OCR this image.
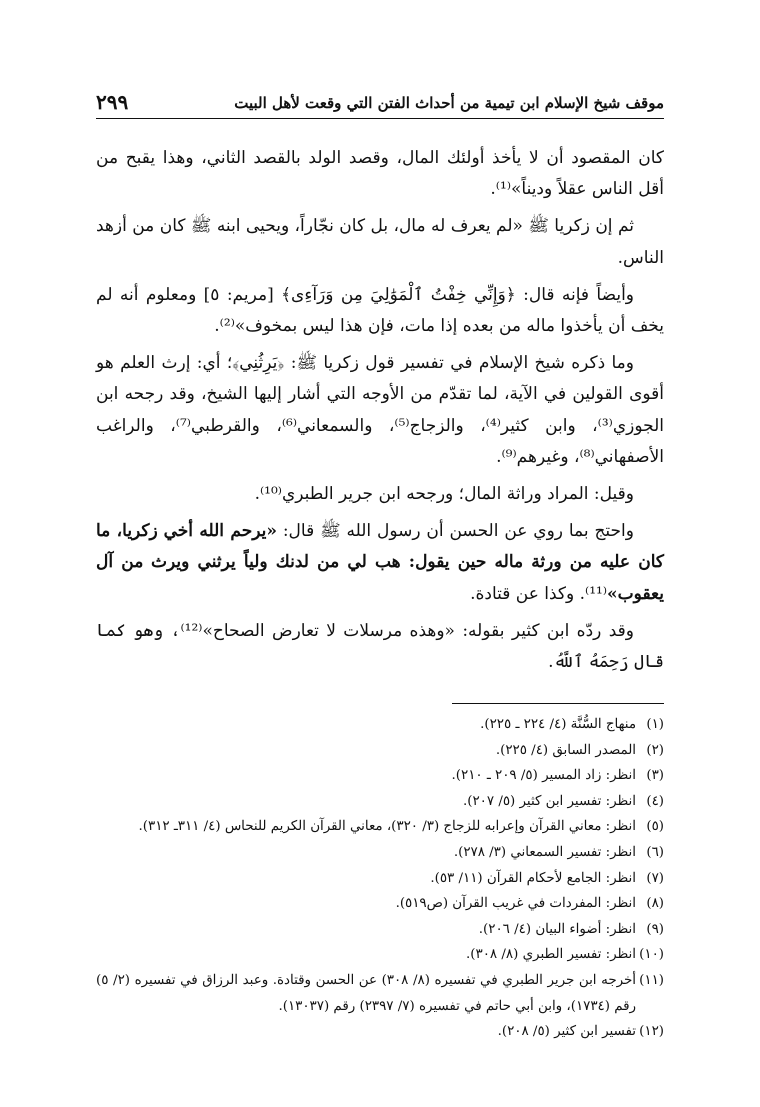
موقف شيخ الإسلام ابن تيمية من أحداث الفتن التي وقعت لأهل البيت
٢٩٩

كان المقصود أن لا يأخذ أولئك المال، وقصد الولد بالقصد الثاني، وهذا يقبح من أقل الناس عقلاً وديناً»⁽¹⁾.

ثم إن زكريا ﷺ «لم يعرف له مال، بل كان نجّاراً، ويحيى ابنه ﷺ كان من أزهد الناس.

وأيضاً فإنه قال: ﴿وَإِنِّي خِفْتُ ٱلْمَوَٰلِيَ مِن وَرَآءِى﴾ [مريم: ٥] ومعلوم أنه لم يخف أن يأخذوا ماله من بعده إذا مات، فإن هذا ليس بمخوف»⁽²⁾.

وما ذكره شيخ الإسلام في تفسير قول زكريا ﷺ: ﴿يَرِثُنِي﴾؛ أي: إرث العلم هو أقوى القولين في الآية، لما تقدّم من الأوجه التي أشار إليها الشيخ، وقد رجحه ابن الجوزي⁽³⁾، وابن كثير⁽⁴⁾، والزجاج⁽⁵⁾، والسمعاني⁽⁶⁾، والقرطبي⁽⁷⁾، والراغب الأصفهاني⁽⁸⁾، وغيرهم⁽⁹⁾.

وقيل: المراد وراثة المال؛ ورجحه ابن جرير الطبري⁽¹⁰⁾.

واحتج بما روي عن الحسن أن رسول الله ﷺ قال: «يرحم الله أخي زكريا، ما كان عليه من ورثة ماله حين يقول: هب لي من لدنك ولياً يرثني ويرث من آل يعقوب»⁽¹¹⁾. وكذا عن قتادة.

وقد ردّه ابن كثير بقوله: «وهذه مرسلات لا تعارض الصحاح»⁽¹²⁾، وهو كما قال رَحِمَهُ ٱللَّهُ.

(١)
منهاج السُّنَّة (٤/ ٢٢٤ ـ ٢٢٥).
(٢)
المصدر السابق (٤/ ٢٢٥).
(٣)
انظر: زاد المسير (٥/ ٢٠٩ ـ ٢١٠).
(٤)
انظر: تفسير ابن كثير (٥/ ٢٠٧).
(٥)
انظر: معاني القرآن وإعرابه للزجاج (٣/ ٣٢٠)، معاني القرآن الكريم للنحاس (٤/ ٣١١ـ ٣١٢).
(٦)
انظر: تفسير السمعاني (٣/ ٢٧٨).
(٧)
انظر: الجامع لأحكام القرآن (١١/ ٥٣).
(٨)
انظر: المفردات في غريب القرآن (ص٥١٩).
(٩)
انظر: أضواء البيان (٤/ ٢٠٦).
(١٠)
انظر: تفسير الطبري (٨/ ٣٠٨).
(١١)
أخرجه ابن جرير الطبري في تفسيره (٨/ ٣٠٨) عن الحسن وقتادة. وعبد الرزاق في تفسيره (٢/ ٥) رقم (١٧٣٤)، وابن أبي حاتم في تفسيره (٧/ ٢٣٩٧) رقم (١٣٠٣٧).
(١٢)
تفسير ابن كثير (٥/ ٢٠٨).
